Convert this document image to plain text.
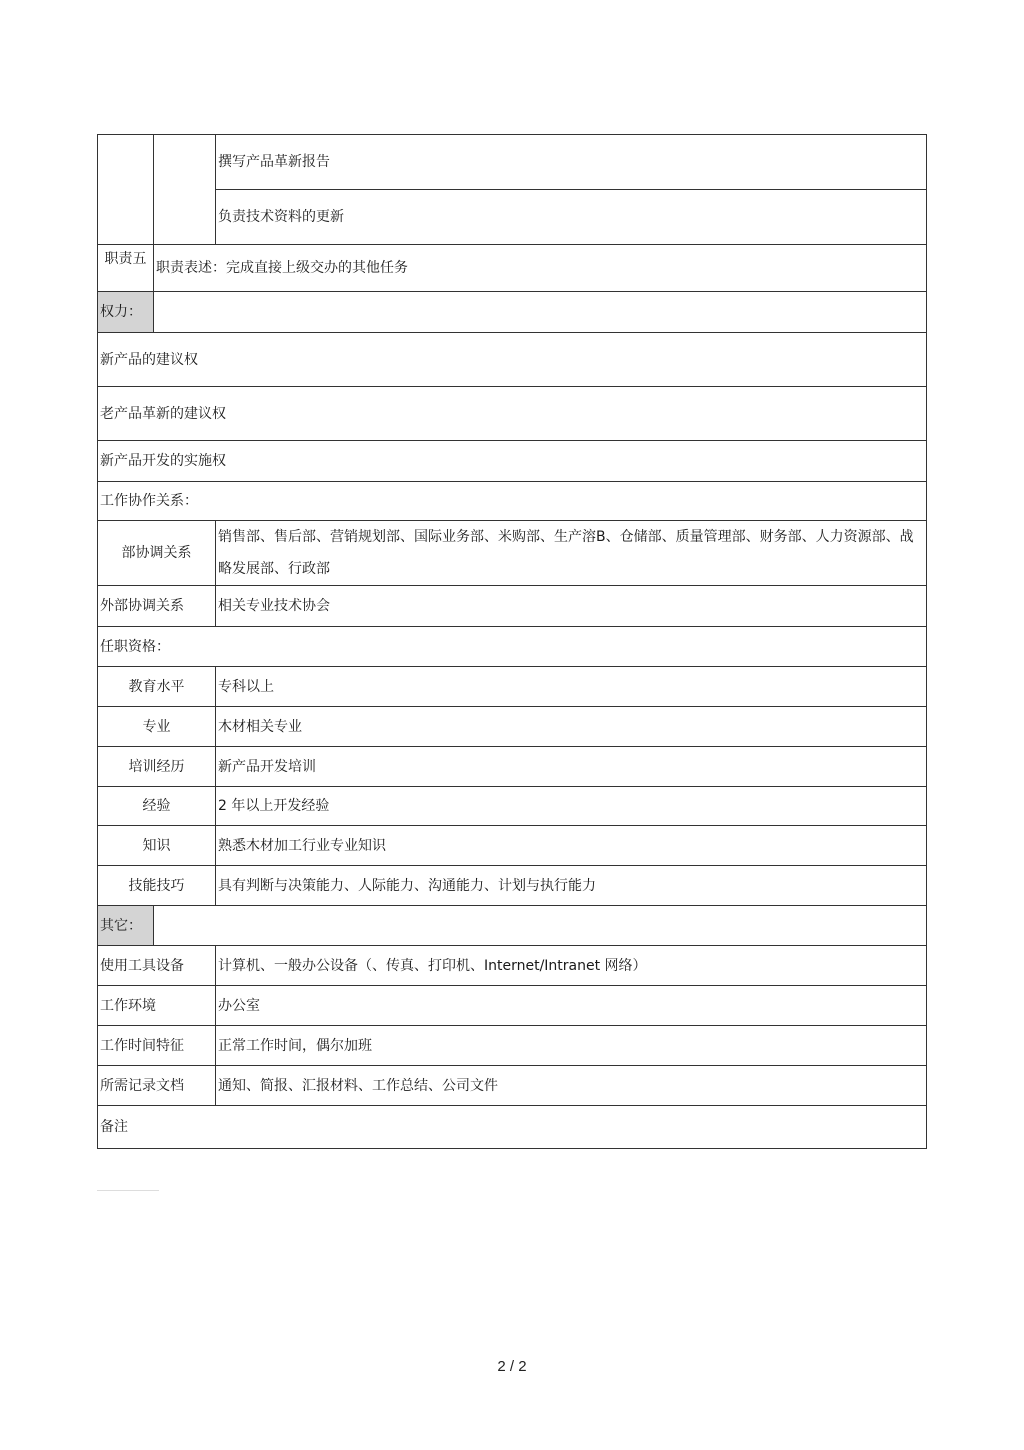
		撰写产品革新报告
		负责技术资料的更新
职责五	职责表述：完成直接上级交办的其他任务	
权力：		
新产品的建议权		
老产品革新的建议权		
新产品开发的实施权		
工作协作关系：		
部协调关系		销售部、售后部、营销规划部、国际业务部、米购部、生产溶B、仓储部、质量管理部、财务部、人力资源部、战略发展部、行政部
外部协调关系		相关专业技术协会
任职资格：		
教育水平		专科以上
专业		木材相关专业
培训经历		新产品开发培训
经验		2 年以上开发经验
知识		熟悉木材加工行业专业知识
技能技巧		具有判断与决策能力、人际能力、沟通能力、计划与执行能力
其它：		
使用工具设备		计算机、一般办公设备（、传真、打印机、Internet/Intranet 网络）
工作环境		办公室
工作时间特征		正常工作时间，偶尔加班
所需记录文档		通知、简报、汇报材料、工作总结、公司文件
备注		
2 / 2
